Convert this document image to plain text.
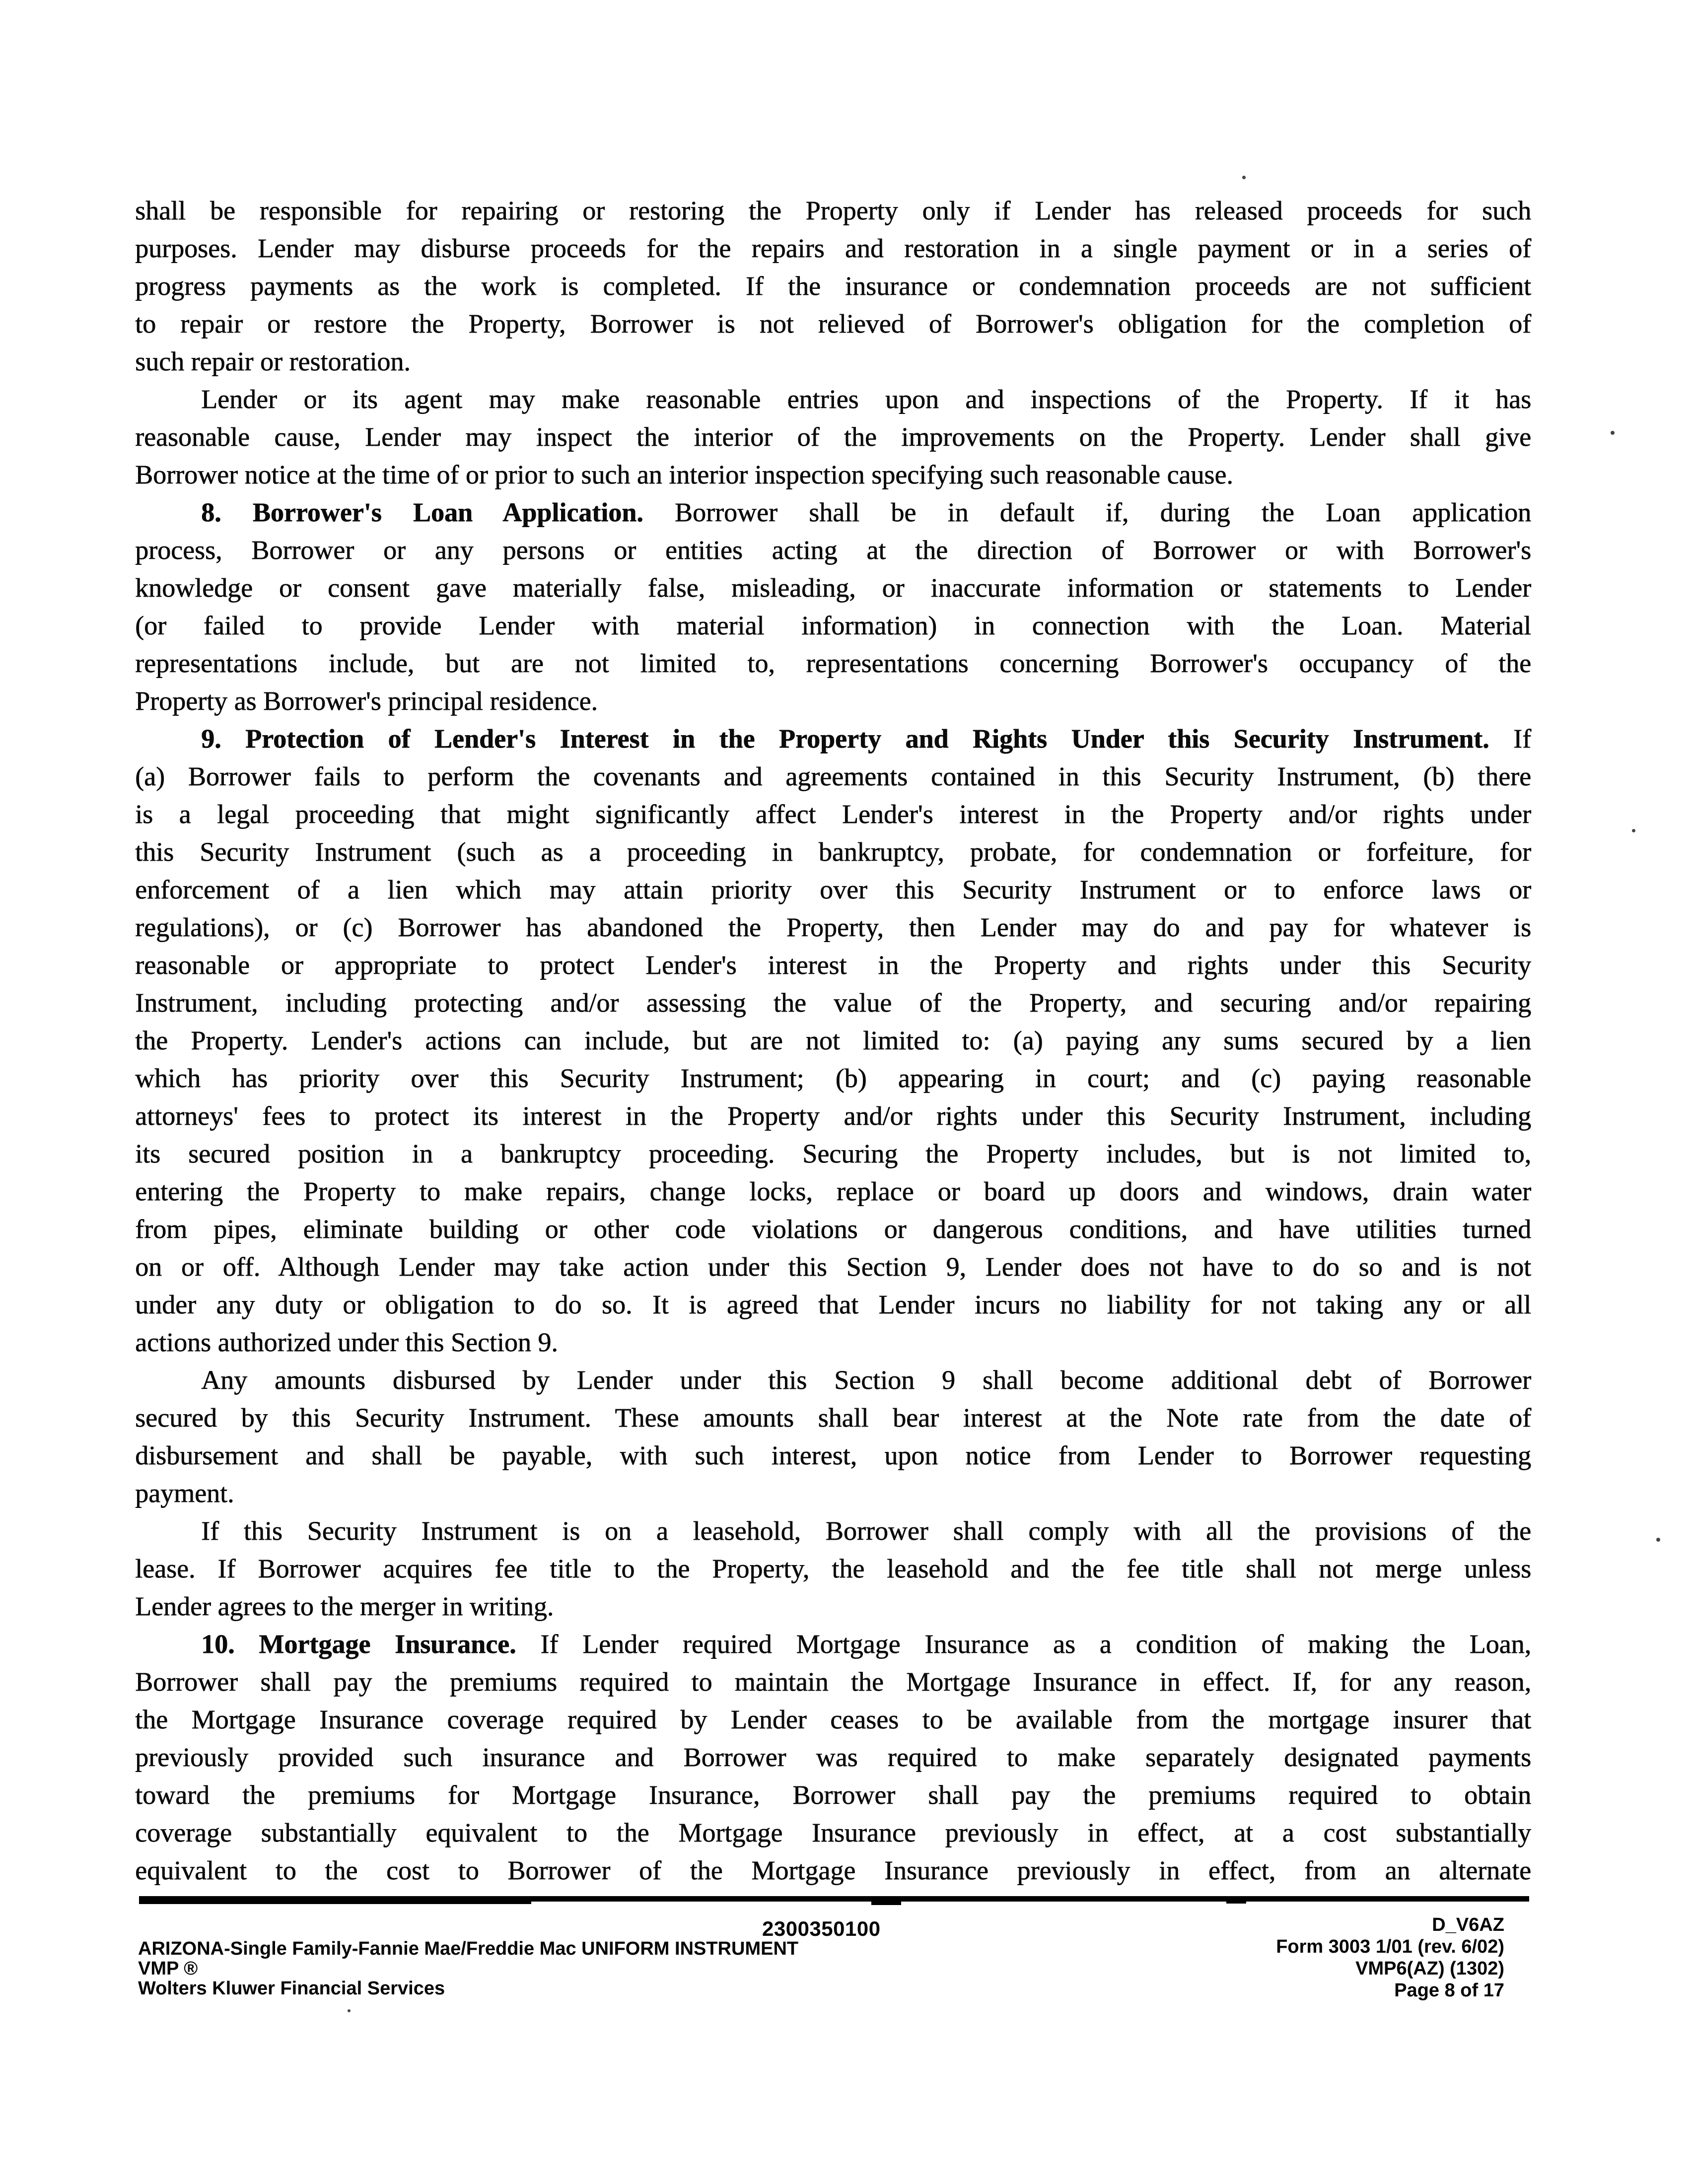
shall be responsible for repairing or restoring the Property only if Lender has released proceeds for such
purposes. Lender may disburse proceeds for the repairs and restoration in a single payment or in a series of
progress payments as the work is completed. If the insurance or condemnation proceeds are not sufficient
to repair or restore the Property, Borrower is not relieved of Borrower's obligation for the completion of
such repair or restoration.
Lender or its agent may make reasonable entries upon and inspections of the Property. If it has
reasonable cause, Lender may inspect the interior of the improvements on the Property. Lender shall give
Borrower notice at the time of or prior to such an interior inspection specifying such reasonable cause.
8. Borrower's Loan Application. Borrower shall be in default if, during the Loan application
process, Borrower or any persons or entities acting at the direction of Borrower or with Borrower's
knowledge or consent gave materially false, misleading, or inaccurate information or statements to Lender
(or failed to provide Lender with material information) in connection with the Loan. Material
representations include, but are not limited to, representations concerning Borrower's occupancy of the
Property as Borrower's principal residence.
9. Protection of Lender's Interest in the Property and Rights Under this Security Instrument. If
(a) Borrower fails to perform the covenants and agreements contained in this Security Instrument, (b) there
is a legal proceeding that might significantly affect Lender's interest in the Property and/or rights under
this Security Instrument (such as a proceeding in bankruptcy, probate, for condemnation or forfeiture, for
enforcement of a lien which may attain priority over this Security Instrument or to enforce laws or
regulations), or (c) Borrower has abandoned the Property, then Lender may do and pay for whatever is
reasonable or appropriate to protect Lender's interest in the Property and rights under this Security
Instrument, including protecting and/or assessing the value of the Property, and securing and/or repairing
the Property. Lender's actions can include, but are not limited to: (a) paying any sums secured by a lien
which has priority over this Security Instrument; (b) appearing in court; and (c) paying reasonable
attorneys' fees to protect its interest in the Property and/or rights under this Security Instrument, including
its secured position in a bankruptcy proceeding. Securing the Property includes, but is not limited to,
entering the Property to make repairs, change locks, replace or board up doors and windows, drain water
from pipes, eliminate building or other code violations or dangerous conditions, and have utilities turned
on or off. Although Lender may take action under this Section 9, Lender does not have to do so and is not
under any duty or obligation to do so. It is agreed that Lender incurs no liability for not taking any or all
actions authorized under this Section 9.
Any amounts disbursed by Lender under this Section 9 shall become additional debt of Borrower
secured by this Security Instrument. These amounts shall bear interest at the Note rate from the date of
disbursement and shall be payable, with such interest, upon notice from Lender to Borrower requesting
payment.
If this Security Instrument is on a leasehold, Borrower shall comply with all the provisions of the
lease. If Borrower acquires fee title to the Property, the leasehold and the fee title shall not merge unless
Lender agrees to the merger in writing.
10. Mortgage Insurance. If Lender required Mortgage Insurance as a condition of making the Loan,
Borrower shall pay the premiums required to maintain the Mortgage Insurance in effect. If, for any reason,
the Mortgage Insurance coverage required by Lender ceases to be available from the mortgage insurer that
previously provided such insurance and Borrower was required to make separately designated payments
toward the premiums for Mortgage Insurance, Borrower shall pay the premiums required to obtain
coverage substantially equivalent to the Mortgage Insurance previously in effect, at a cost substantially
equivalent to the cost to Borrower of the Mortgage Insurance previously in effect, from an alternate
2300350100
ARIZONA-Single Family-Fannie Mae/Freddie Mac UNIFORM INSTRUMENT
VMP ®
Wolters Kluwer Financial Services
D_V6AZ
Form 3003 1/01 (rev. 6/02)
VMP6(AZ) (1302)
Page 8 of 17
